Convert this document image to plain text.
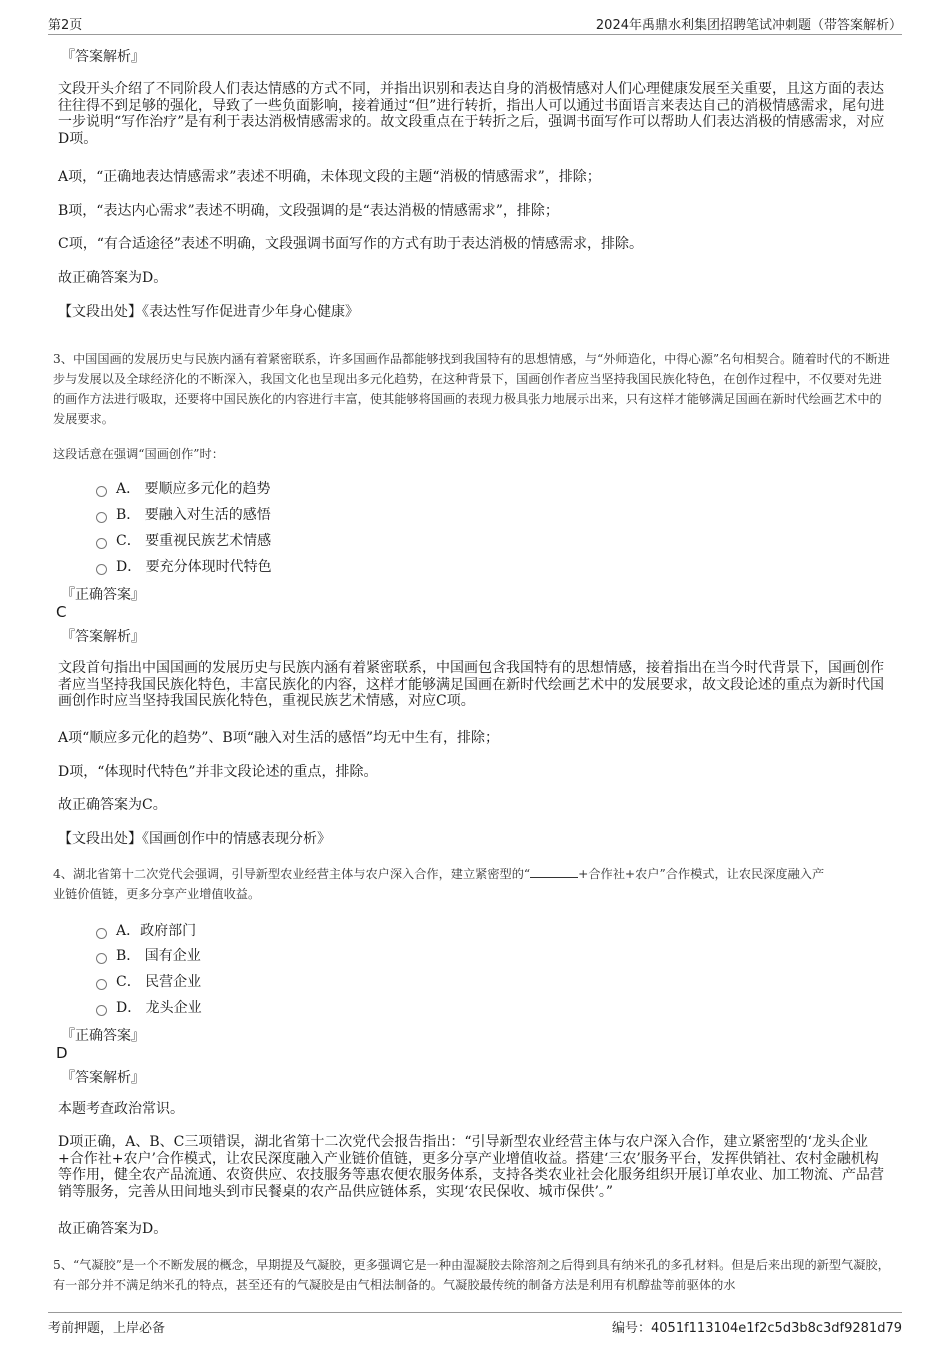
第2页	2024年禹鼎水利集团招聘笔试冲刺题（带答案解析）
『答案解析』

文段开头介绍了不同阶段人们表达情感的方式不同，并指出识别和表达自身的消极情感对人们心理健康发展至关重要，且这方面的表达往往得不到足够的强化，导致了一些负面影响，接着通过“但”进行转折，指出人可以通过书面语言来表达自己的消极情感需求，尾句进一步说明“写作治疗”是有利于表达消极情感需求的。故文段重点在于转折之后，强调书面写作可以帮助人们表达消极的情感需求，对应D项。

A项，“正确地表达情感需求”表述不明确，未体现文段的主题“消极的情感需求”，排除；

B项，“表达内心需求”表述不明确，文段强调的是“表达消极的情感需求”，排除；

C项，“有合适途径”表述不明确，文段强调书面写作的方式有助于表达消极的情感需求，排除。

故正确答案为D。

【文段出处】《表达性写作促进青少年身心健康》

3、中国国画的发展历史与民族内涵有着紧密联系，许多国画作品都能够找到我国特有的思想情感，与“外师造化，中得心源”名句相契合。随着时代的不断进步与发展以及全球经济化的不断深入，我国文化也呈现出多元化趋势，在这种背景下，国画创作者应当坚持我国民族化特色，在创作过程中，不仅要对先进的画作方法进行吸取，还要将中国民族化的内容进行丰富，使其能够将国画的表现力极具张力地展示出来，只有这样才能够满足国画在新时代绘画艺术中的发展要求。

这段话意在强调“国画创作”时：

A． 要顺应多元化的趋势
B． 要融入对生活的感悟
C． 要重视民族艺术情感
D． 要充分体现时代特色
『正确答案』
C
『答案解析』

文段首句指出中国国画的发展历史与民族内涵有着紧密联系，中国画包含我国特有的思想情感，接着指出在当今时代背景下，国画创作者应当坚持我国民族化特色，丰富民族化的内容，这样才能够满足国画在新时代绘画艺术中的发展要求，故文段论述的重点为新时代国画创作时应当坚持我国民族化特色，重视民族艺术情感，对应C项。

A项“顺应多元化的趋势”、B项“融入对生活的感悟”均无中生有，排除；

D项，“体现时代特色”并非文段论述的重点，排除。

故正确答案为C。

【文段出处】《国画创作中的情感表现分析》

4、湖北省第十二次党代会强调，引导新型农业经营主体与农户深入合作，建立紧密型的“	+合作社+农户”合作模式，让农民深度融入产
业链价值链，更多分享产业增值收益。

A．政府部门
B． 国有企业
C． 民营企业
D． 龙头企业
『正确答案』
D
『答案解析』

本题考查政治常识。

D项正确，A、B、C三项错误，湖北省第十二次党代会报告指出：“引导新型农业经营主体与农户深入合作，建立紧密型的‘龙头企业+合作社+农户’合作模式，让农民深度融入产业链价值链，更多分享产业增值收益。搭建‘三农’服务平台，发挥供销社、农村金融机构等作用，健全农产品流通、农资供应、农技服务等惠农便农服务体系，支持各类农业社会化服务组织开展订单农业、加工物流、产品营销等服务，完善从田间地头到市民餐桌的农产品供应链体系，实现‘农民保收、城市保供’。”

故正确答案为D。

5、“气凝胶”是一个不断发展的概念，早期提及气凝胶，更多强调它是一种由湿凝胶去除溶剂之后得到具有纳米孔的多孔材料。但是后来出现的新型气凝胶，有一部分并不满足纳米孔的特点，甚至还有的气凝胶是由气相法制备的。气凝胶最传统的制备方法是利用有机醇盐等前驱体的水

考前押题，上岸必备	编号：4051f113104e1f2c5d3b8c3df9281d79
